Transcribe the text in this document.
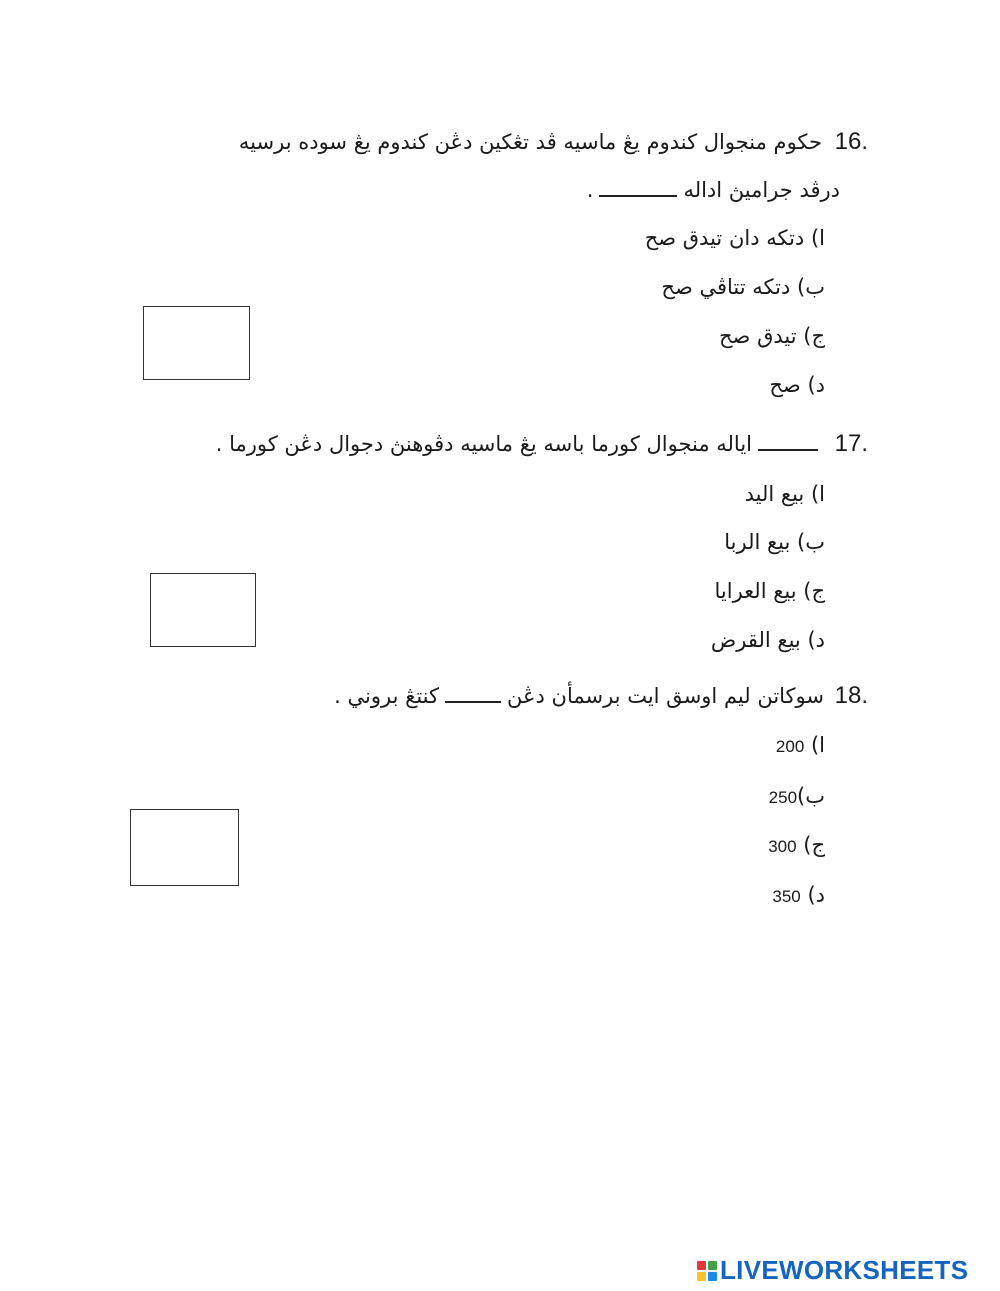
16.
حكوم منجوال كندوم يڠ ماسيه ڤد تڠكين دڠن كندوم يڠ سوده برسيه
درڤد جراميڽ اداله.
ا) دتكه دان تيدق صح
ب) دتكه تتاڤي صح
ج) تيدق صح
د) صح
17.
اياله منجوال كورما باسه يڠ ماسيه دڤوهنڽ دجوال دڠن كورما .
ا) بيع اليد
ب) بيع الربا
ج) بيع العرايا
د) بيع القرض
18.
سوكاتن ليم اوسق ايت برسمأن دڠنكنتڠ بروني .
ا) 200
ب)250
ج) 300
د) 350
LIVEWORKSHEETS
